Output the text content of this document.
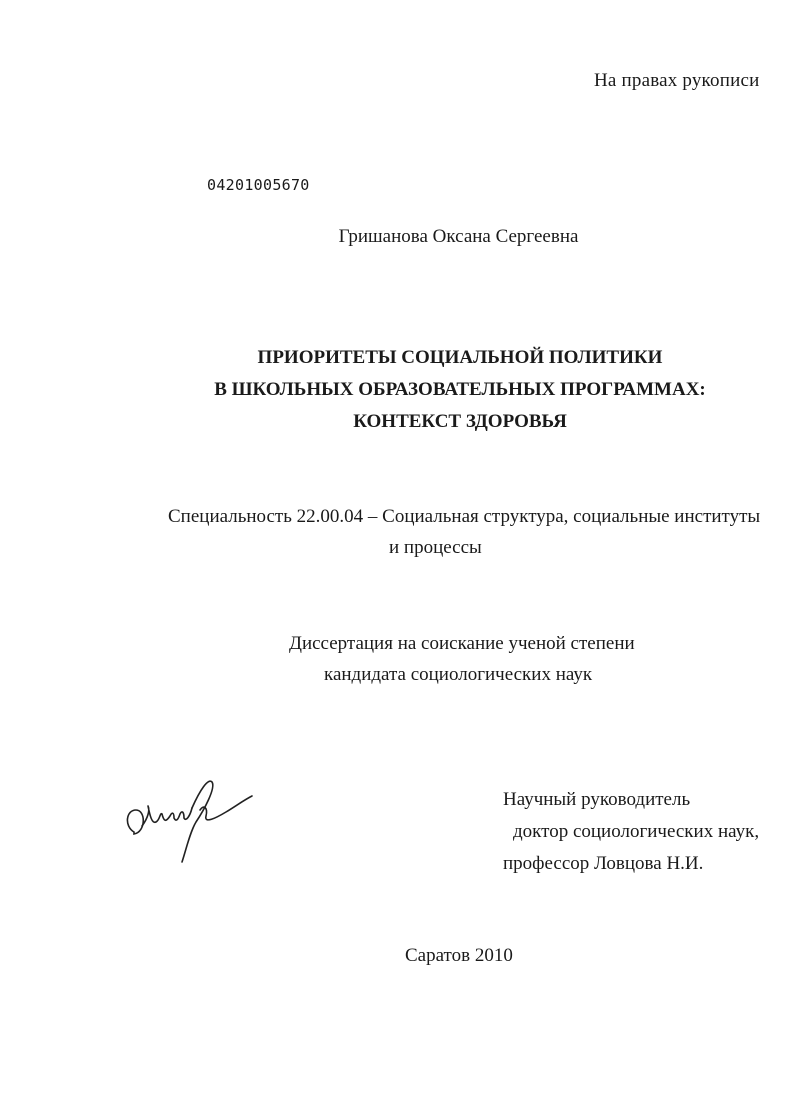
На правах рукописи
04201005670
Гришанова Оксана Сергеевна
ПРИОРИТЕТЫ СОЦИАЛЬНОЙ ПОЛИТИКИ
В ШКОЛЬНЫХ ОБРАЗОВАТЕЛЬНЫХ ПРОГРАММАХ:
КОНТЕКСТ ЗДОРОВЬЯ
Специальность 22.00.04 – Социальная структура, социальные институты
и процессы
Диссертация на соискание ученой степени
кандидата социологических наук
Научный руководитель
доктор социологических наук,
профессор Ловцова Н.И.
Саратов 2010
